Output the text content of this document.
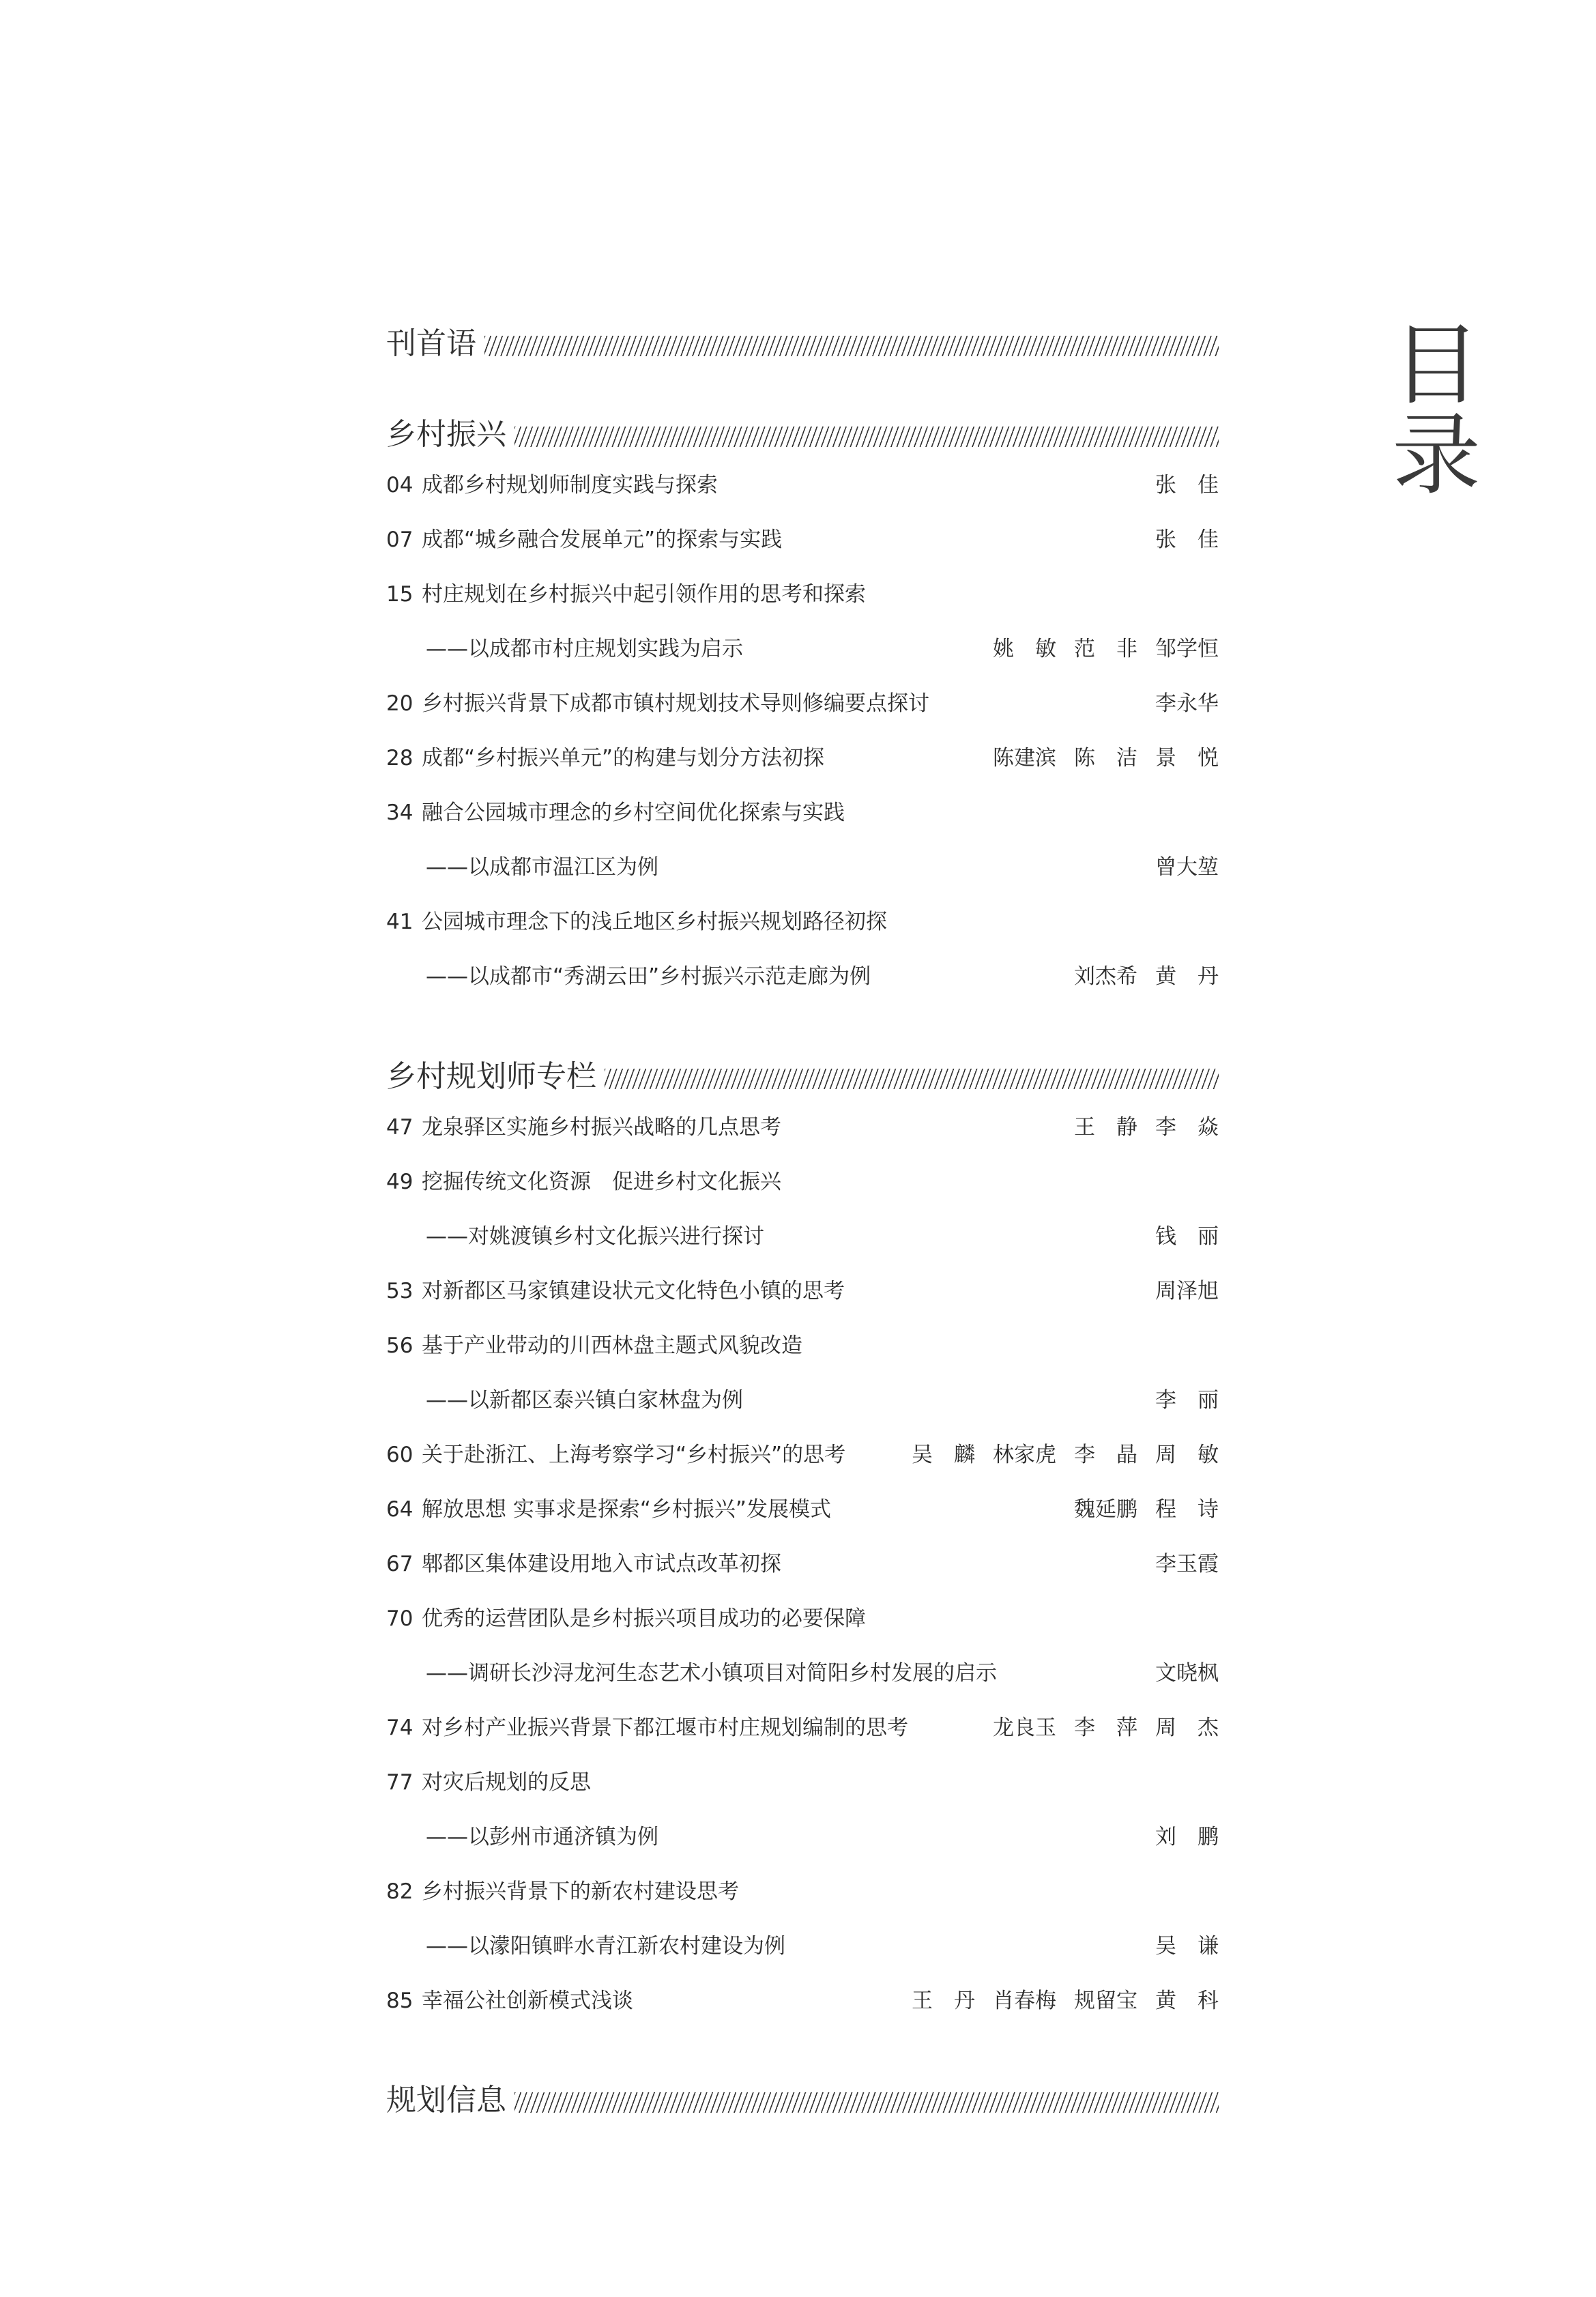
目
录
刊首语
乡村振兴
04 成都乡村规划师制度实践与探索	张　佳
07 成都“城乡融合发展单元”的探索与实践	张　佳
15 村庄规划在乡村振兴中起引领作用的思考和探索
——以成都市村庄规划实践为启示	姚　敏 范　非 邹学恒
20 乡村振兴背景下成都市镇村规划技术导则修编要点探讨	李永华
28 成都“乡村振兴单元”的构建与划分方法初探	陈建滨 陈　洁 景　悦
34 融合公园城市理念的乡村空间优化探索与实践
——以成都市温江区为例	曾大堃
41 公园城市理念下的浅丘地区乡村振兴规划路径初探
——以成都市“秀湖云田”乡村振兴示范走廊为例	刘杰希 黄　丹
乡村规划师专栏
47 龙泉驿区实施乡村振兴战略的几点思考	王　静 李　焱
49 挖掘传统文化资源　促进乡村文化振兴
——对姚渡镇乡村文化振兴进行探讨	钱　丽
53 对新都区马家镇建设状元文化特色小镇的思考	周泽旭
56 基于产业带动的川西林盘主题式风貌改造
——以新都区泰兴镇白家林盘为例	李　丽
60 关于赴浙江、上海考察学习“乡村振兴”的思考	吴　麟 林家虎 李　晶 周　敏
64 解放思想 实事求是探索“乡村振兴”发展模式	魏延鹏 程　诗
67 郫都区集体建设用地入市试点改革初探	李玉霞
70 优秀的运营团队是乡村振兴项目成功的必要保障
——调研长沙浔龙河生态艺术小镇项目对简阳乡村发展的启示	文晓枫
74 对乡村产业振兴背景下都江堰市村庄规划编制的思考	龙良玉 李　萍 周　杰
77 对灾后规划的反思
——以彭州市通济镇为例	刘　鹏
82 乡村振兴背景下的新农村建设思考
——以濛阳镇畔水青江新农村建设为例	吴　谦
85 幸福公社创新模式浅谈	王　丹 肖春梅 规留宝 黄　科
规划信息
